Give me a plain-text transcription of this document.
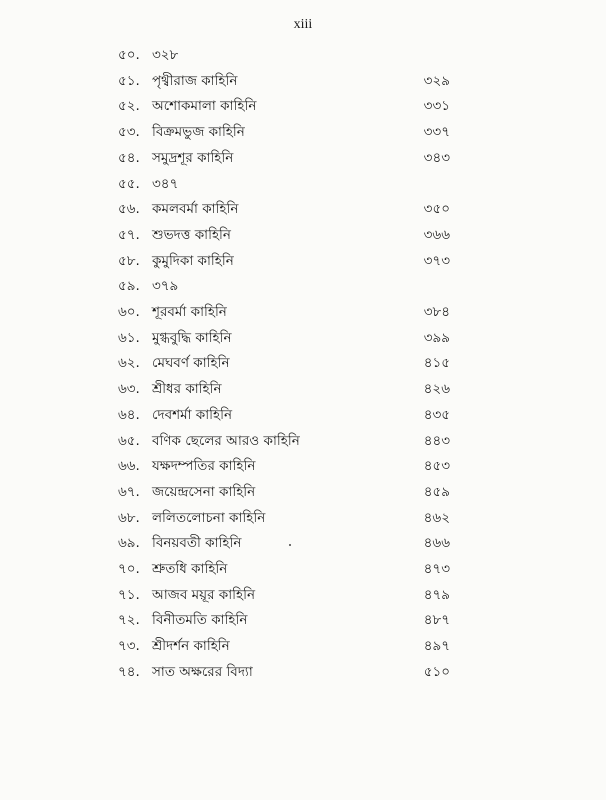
xiii
৫০. ৩২৮
৫১. পৃথ্বীরাজ কাহিনি	৩২৯
৫২. অশোকমালা কাহিনি	৩৩১
৫৩. বিক্রমভুজ কাহিনি	৩৩৭
৫৪. সমুদ্রশূর কাহিনি	৩৪৩
৫৫. ৩৪৭
৫৬. কমলবর্মা কাহিনি	৩৫০
৫৭. শুভদত্ত কাহিনি	৩৬৬
৫৮. কুমুদিকা কাহিনি	৩৭৩
৫৯. ৩৭৯
৬০. শূরবর্মা কাহিনি	৩৮৪
৬১. মুগ্ধবুদ্ধি কাহিনি	৩৯৯
৬২. মেঘবর্ণ কাহিনি	৪১৫
৬৩. শ্রীধর কাহিনি	৪২৬
৬৪. দেবশর্মা কাহিনি	৪৩৫
৬৫. বণিক ছেলের আরও কাহিনি	৪৪৩
৬৬. যক্ষদম্পতির কাহিনি	৪৫৩
৬৭. জয়েন্দ্রসেনা কাহিনি	৪৫৯
৬৮. ললিতলোচনা কাহিনি	৪৬২
৬৯. বিনয়বতী কাহিনি	৪৬৬
৭০. শ্রুতধি কাহিনি	৪৭৩
৭১. আজব ময়ূর কাহিনি	৪৭৯
৭২. বিনীতমতি কাহিনি	৪৮৭
৭৩. শ্রীদর্শন কাহিনি	৪৯৭
৭৪. সাত অক্ষরের বিদ্যা	৫১০
